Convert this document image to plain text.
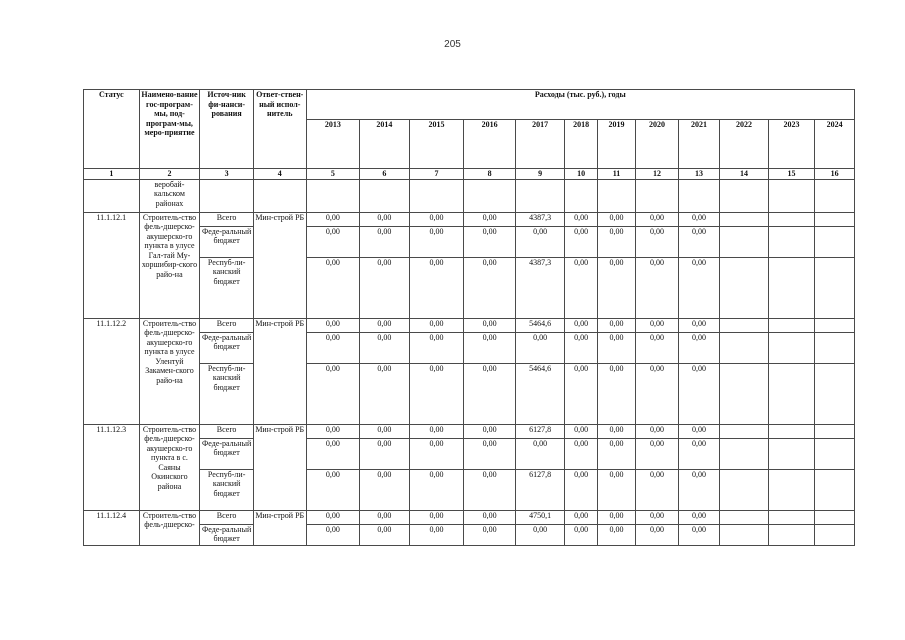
205
Статус	Наимено-вание гос-програм-мы, под-програм-мы, меро-приятие	Источ-ник фи-нанси-рования	Ответ-ствен-ный испол-нитель	Расходы (тыс. руб.), годы											
				2013	2014	2015	2016	2017	2018	2019	2020	2021	2022	2023	2024
1	2	3	4	5	6	7	8	9	10	11	12	13	14	15	16
	веробай-кальском районах														
11.1.12.1	Строитель-ство фель-дшерско-акушерско-го пункта в улусе Гал-тай Му-хоршибир-ского райо-на	Всего	Мин-строй РБ	0,00	0,00	0,00	0,00	4387,3	0,00	0,00	0,00	0,00			
		Феде-ральный бюджет		0,00	0,00	0,00	0,00	0,00	0,00	0,00	0,00	0,00			
		Респуб-ли-канский бюджет		0,00	0,00	0,00	0,00	4387,3	0,00	0,00	0,00	0,00			
11.1.12.2	Строитель-ство фель-дшерско-акушерско-го пункта в улусе Улентуй Закамен-ского райо-на	Всего	Мин-строй РБ	0,00	0,00	0,00	0,00	5464,6	0,00	0,00	0,00	0,00			
		Феде-ральный бюджет		0,00	0,00	0,00	0,00	0,00	0,00	0,00	0,00	0,00			
		Респуб-ли-канский бюджет		0,00	0,00	0,00	0,00	5464,6	0,00	0,00	0,00	0,00			
11.1.12.3	Строитель-ство фель-дшерско-акушерско-го пункта в с. Саяны Окинского района	Всего	Мин-строй РБ	0,00	0,00	0,00	0,00	6127,8	0,00	0,00	0,00	0,00			
		Феде-ральный бюджет		0,00	0,00	0,00	0,00	0,00	0,00	0,00	0,00	0,00			
		Респуб-ли-канский бюджет		0,00	0,00	0,00	0,00	6127,8	0,00	0,00	0,00	0,00			
11.1.12.4	Строитель-ство фель-дшерско-	Всего	Мин-строй РБ	0,00	0,00	0,00	0,00	4750,1	0,00	0,00	0,00	0,00			
		Феде-ральный бюджет		0,00	0,00	0,00	0,00	0,00	0,00	0,00	0,00	0,00			
